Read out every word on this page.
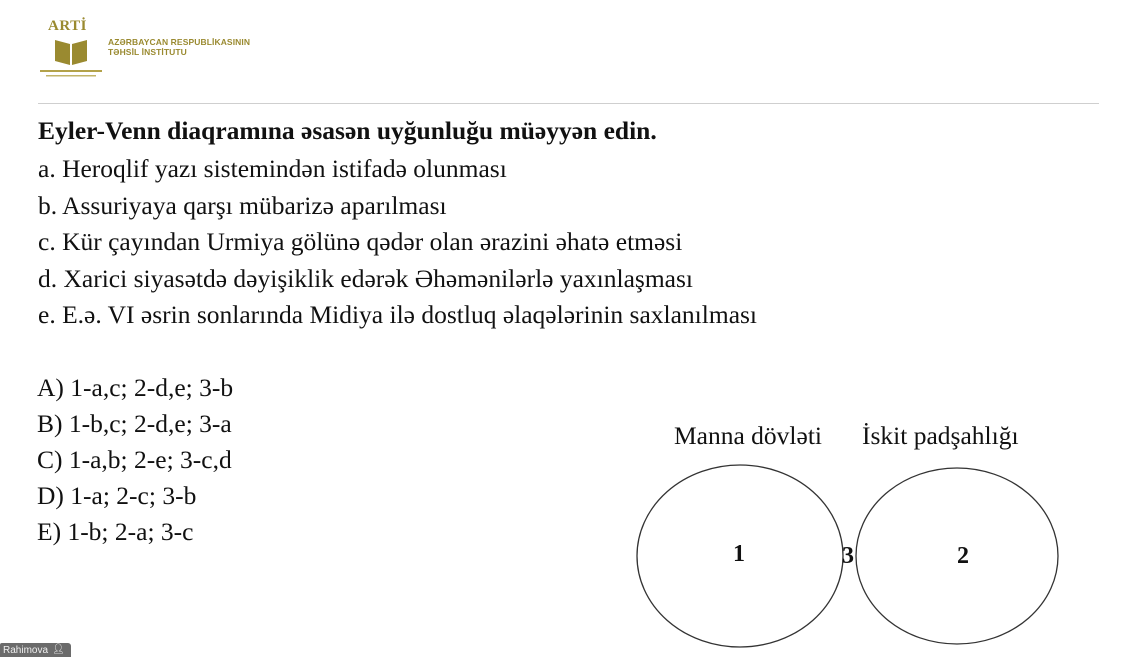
ARTİ
AZƏRBAYCAN RESPUBLİKASININ
TƏHSİL İNSTİTUTU
Eyler-Venn diaqramına əsasən uyğunluğu müəyyən edin.
a. Heroqlif yazı sistemindən istifadə olunması
b. Assuriyaya qarşı mübarizə aparılması
c. Kür çayından Urmiya gölünə qədər olan ərazini əhatə etməsi
d. Xarici siyasətdə dəyişiklik edərək Əhəmənilərlə yaxınlaşması
e. E.ə. VI əsrin sonlarında Midiya ilə dostluq əlaqələrinin saxlanılması
A) 1-a,c; 2-d,e; 3-b
B) 1-b,c; 2-d,e; 3-a
C) 1-a,b; 2-e; 3-c,d
D) 1-a; 2-c; 3-b
E) 1-b; 2-a; 3-c
Manna dövləti İskit padşahlığı
1	3	2
Rahimova 👤︎
